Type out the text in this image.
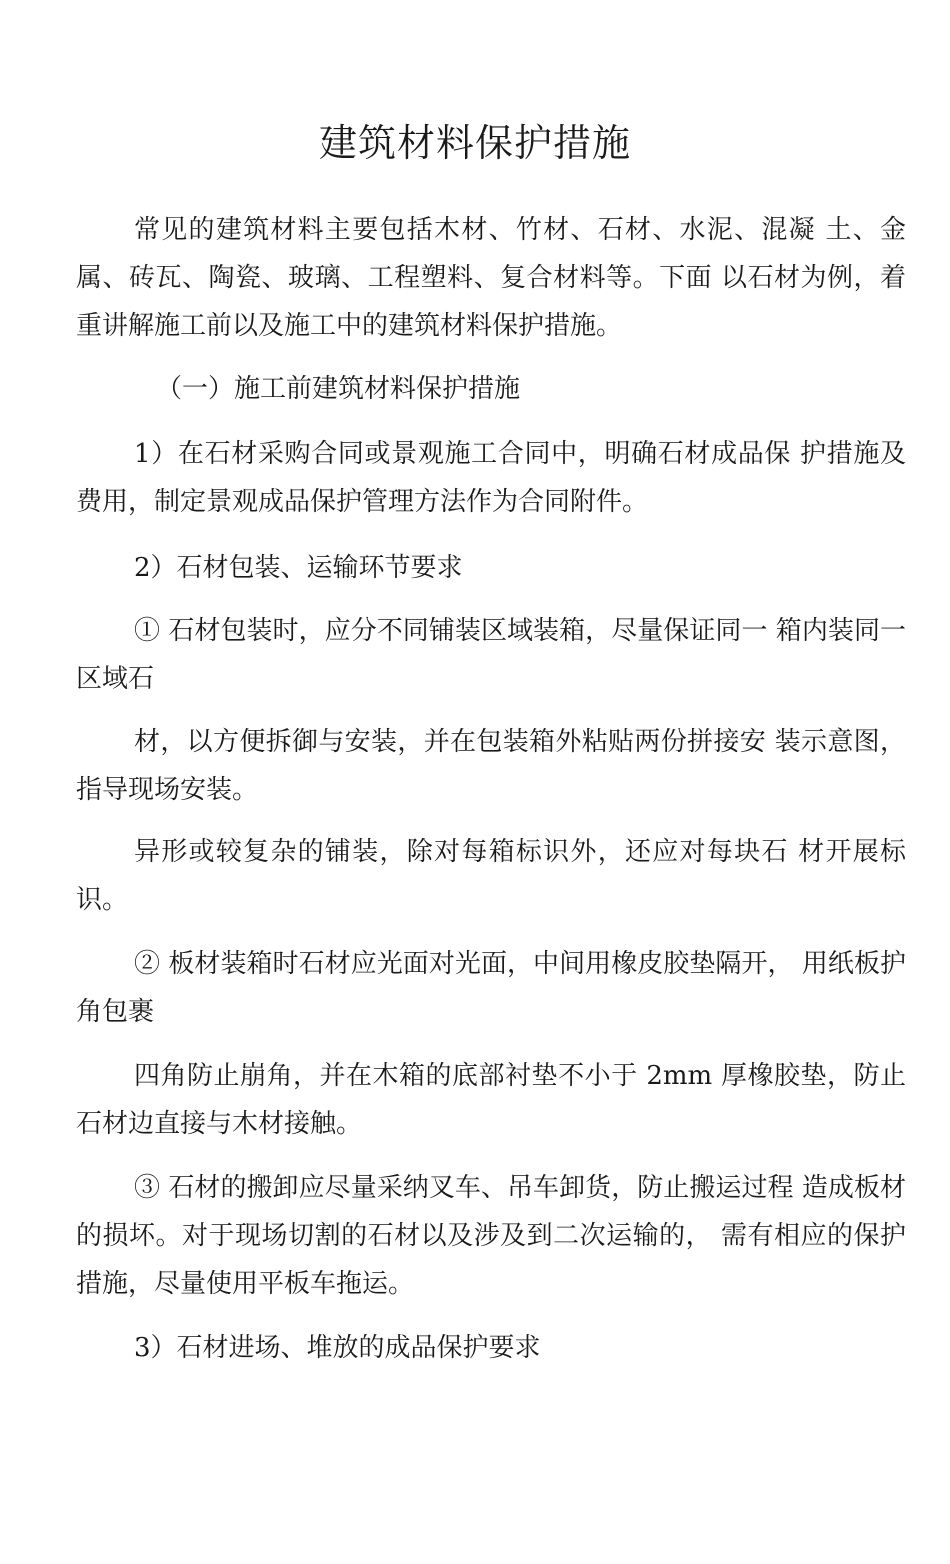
建筑材料保护措施

常见的建筑材料主要包括木材、竹材、石材、水泥、混凝 土、金属、砖瓦、陶瓷、玻璃、工程塑料、复合材料等。下面 以石材为例，着重讲解施工前以及施工中的建筑材料保护措施。

（一）施工前建筑材料保护措施

1）在石材采购合同或景观施工合同中，明确石材成品保 护措施及费用，制定景观成品保护管理方法作为合同附件。

2）石材包装、运输环节要求

① 石材包装时，应分不同铺装区域装箱，尽量保证同一 箱内装同一区域石

材，以方便拆御与安装，并在包装箱外粘贴两份拼接安 装示意图，指导现场安装。

异形或较复杂的铺装，除对每箱标识外，还应对每块石 材开展标识。

② 板材装箱时石材应光面对光面，中间用橡皮胶垫隔开， 用纸板护角包裹

四角防止崩角，并在木箱的底部衬垫不小于 2mm 厚橡胶垫，防止石材边直接与木材接触。

③ 石材的搬卸应尽量采纳叉车、吊车卸货，防止搬运过程 造成板材的损坏。对于现场切割的石材以及涉及到二次运输的， 需有相应的保护措施，尽量使用平板车拖运。

3）石材进场、堆放的成品保护要求
